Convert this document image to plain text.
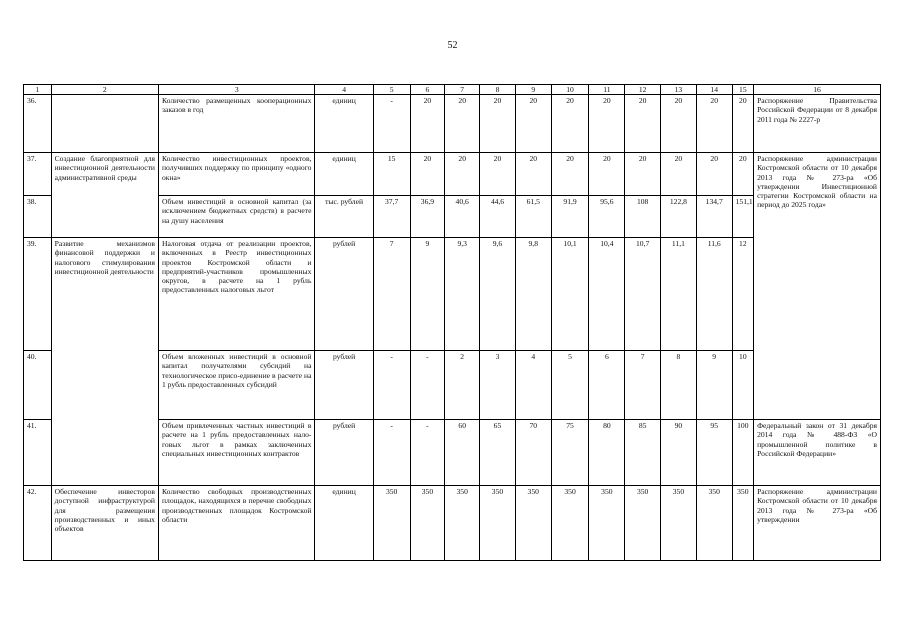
52
1	2	3	4	5	6	7	8	9	10	11	12	13	14	15	16
36.		Количество размещенных кооперационных заказов в год	единиц	-	20	20	20	20	20	20	20	20	20	20	Распоряжение Правительства Российской Федерации от 8 декабря 2011 года № 2227-р
37.	Создание благоприятной для инвестиционной деятельности административной среды	Количество инвестиционных проектов, получивших поддержку по принципу «одного окна»	единиц	15	20	20	20	20	20	20	20	20	20	20	Распоряжение администрации Костромской области от 10 декабря 2013 года № 273-ра «Об утверждении Инвестиционной стратегии Костромской области на период до 2025 года»
38.		Объем инвестиций в основной капитал (за исключением бюджетных средств) в расчете на душу населения	тыс. рублей	37,7	36,9	40,6	44,6	61,5	91,9	95,6	108	122,8	134,7	151,1	
39.	Развитие механизмов финансовой поддержки и налогового стимулирования инвестиционной деятельности	Налоговая отдача от реализации проектов, включенных в Реестр инвестиционных проектов Костромской области и предприятий-участников промышленных округов, в расчете на 1 рубль предоставленных налоговых льгот	рублей	7	9	9,3	9,6	9,8	10,1	10,4	10,7	11,1	11,6	12	
40.		Объем вложенных инвестиций в основной капитал получателями субсидий на технологическое присо-единение в расчете на 1 рубль предоставленных субсидий	рублей	-	-	2	3	4	5	6	7	8	9	10	
41.		Объем привлеченных частных инвестиций в расчете на 1 рубль предоставленных нало-говых льгот в рамках заключенных специальных инвестиционных контрактов	рублей	-	-	60	65	70	75	80	85	90	95	100	Федеральный закон от 31 декабря 2014 года № 488-ФЗ «О промышленной политике в Российской Федерации»
42.	Обеспечение инвесторов доступной инфраструктурой для размещения производственных и иных объектов	Количество свободных производственных площадок, находящихся в перечне свободных производственных площадок Костромской области	единиц	350	350	350	350	350	350	350	350	350	350	350	Распоряжение администрации Костромской области от 10 декабря 2013 года № 273-ра «Об утверждении
